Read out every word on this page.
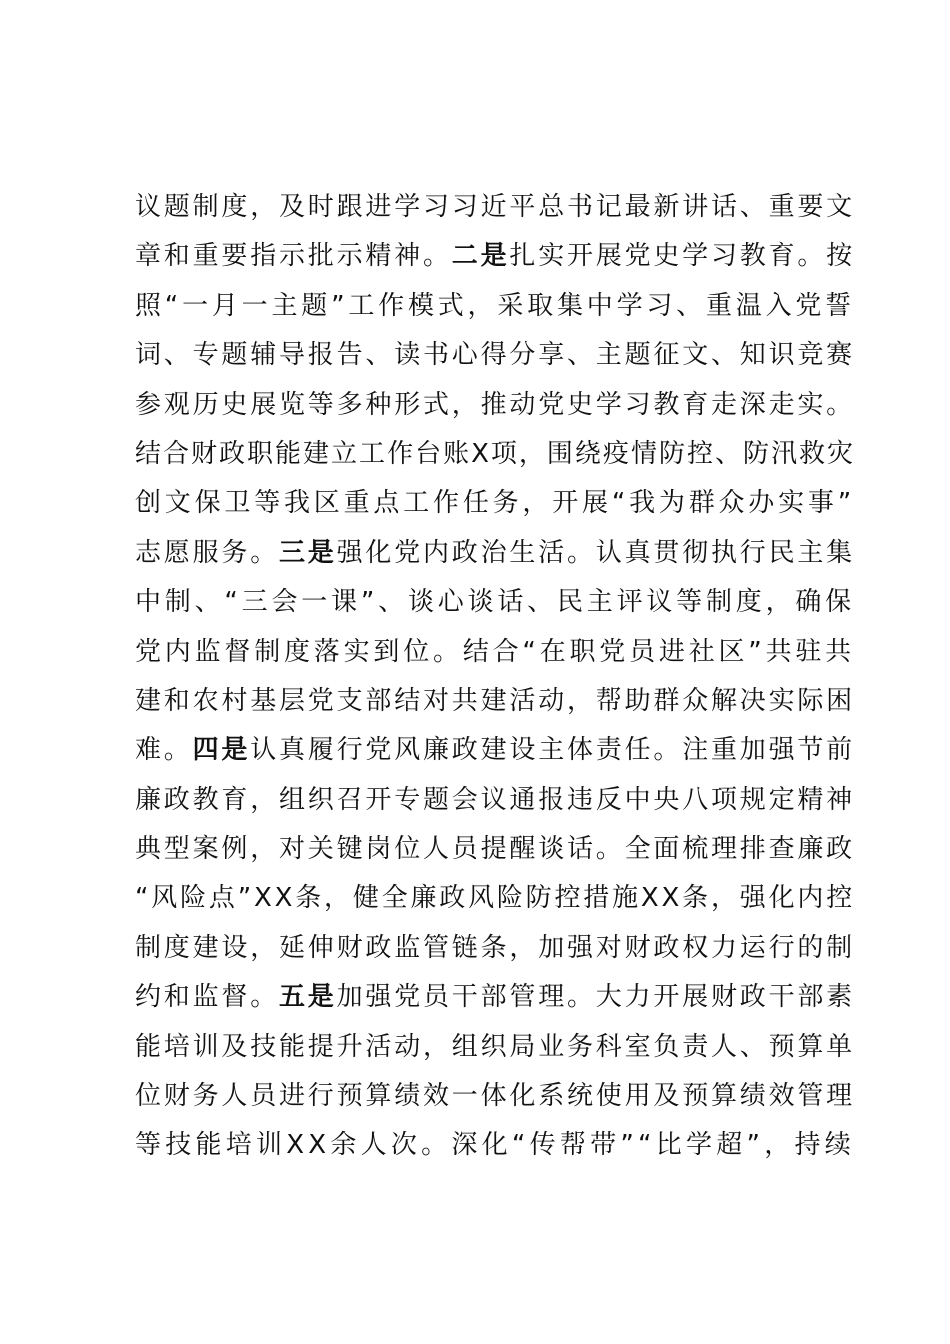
议题制度，及时跟进学习习近平总书记最新讲话、重要文
章和重要指示批示精神。二是扎实开展党史学习教育。按
照“一月一主题”工作模式，采取集中学习、重温入党誓
词、专题辅导报告、读书心得分享、主题征文、知识竞赛
参观历史展览等多种形式，推动党史学习教育走深走实。
结合财政职能建立工作台账X项，围绕疫情防控、防汛救灾
创文保卫等我区重点工作任务，开展“我为群众办实事”
志愿服务。三是强化党内政治生活。认真贯彻执行民主集
中制、“三会一课”、谈心谈话、民主评议等制度，确保
党内监督制度落实到位。结合“在职党员进社区”共驻共
建和农村基层党支部结对共建活动，帮助群众解决实际困
难。四是认真履行党风廉政建设主体责任。注重加强节前
廉政教育，组织召开专题会议通报违反中央八项规定精神
典型案例，对关键岗位人员提醒谈话。全面梳理排查廉政
“风险点”XX条，健全廉政风险防控措施XX条，强化内控
制度建设，延伸财政监管链条，加强对财政权力运行的制
约和监督。五是加强党员干部管理。大力开展财政干部素
能培训及技能提升活动，组织局业务科室负责人、预算单
位财务人员进行预算绩效一体化系统使用及预算绩效管理
等技能培训XX余人次。深化“传帮带”“比学超”，持续
